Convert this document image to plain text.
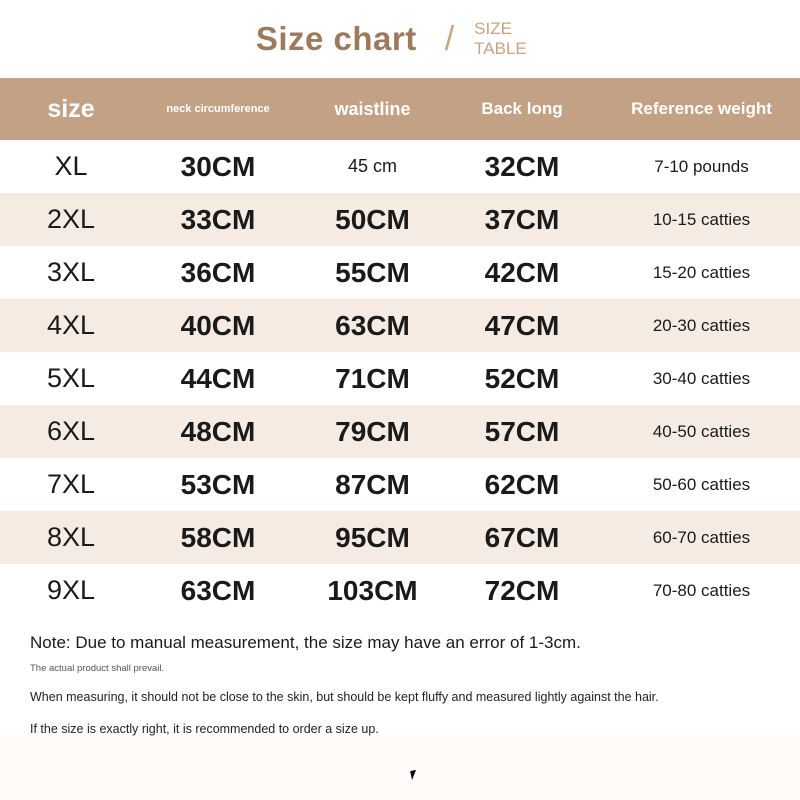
Size chart / SIZE TABLE
size	neck circumference	waistline	Back long	Reference weight
XL	30CM	45 cm	32CM	7-10 pounds
2XL	33CM	50CM	37CM	10-15 catties
3XL	36CM	55CM	42CM	15-20 catties
4XL	40CM	63CM	47CM	20-30 catties
5XL	44CM	71CM	52CM	30-40 catties
6XL	48CM	79CM	57CM	40-50 catties
7XL	53CM	87CM	62CM	50-60 catties
8XL	58CM	95CM	67CM	60-70 catties
9XL	63CM	103CM	72CM	70-80 catties
Note: Due to manual measurement, the size may have an error of 1-3cm.
The actual product shall prevail.
When measuring, it should not be close to the skin, but should be kept fluffy and measured lightly against the hair.
If the size is exactly right, it is recommended to order a size up.
